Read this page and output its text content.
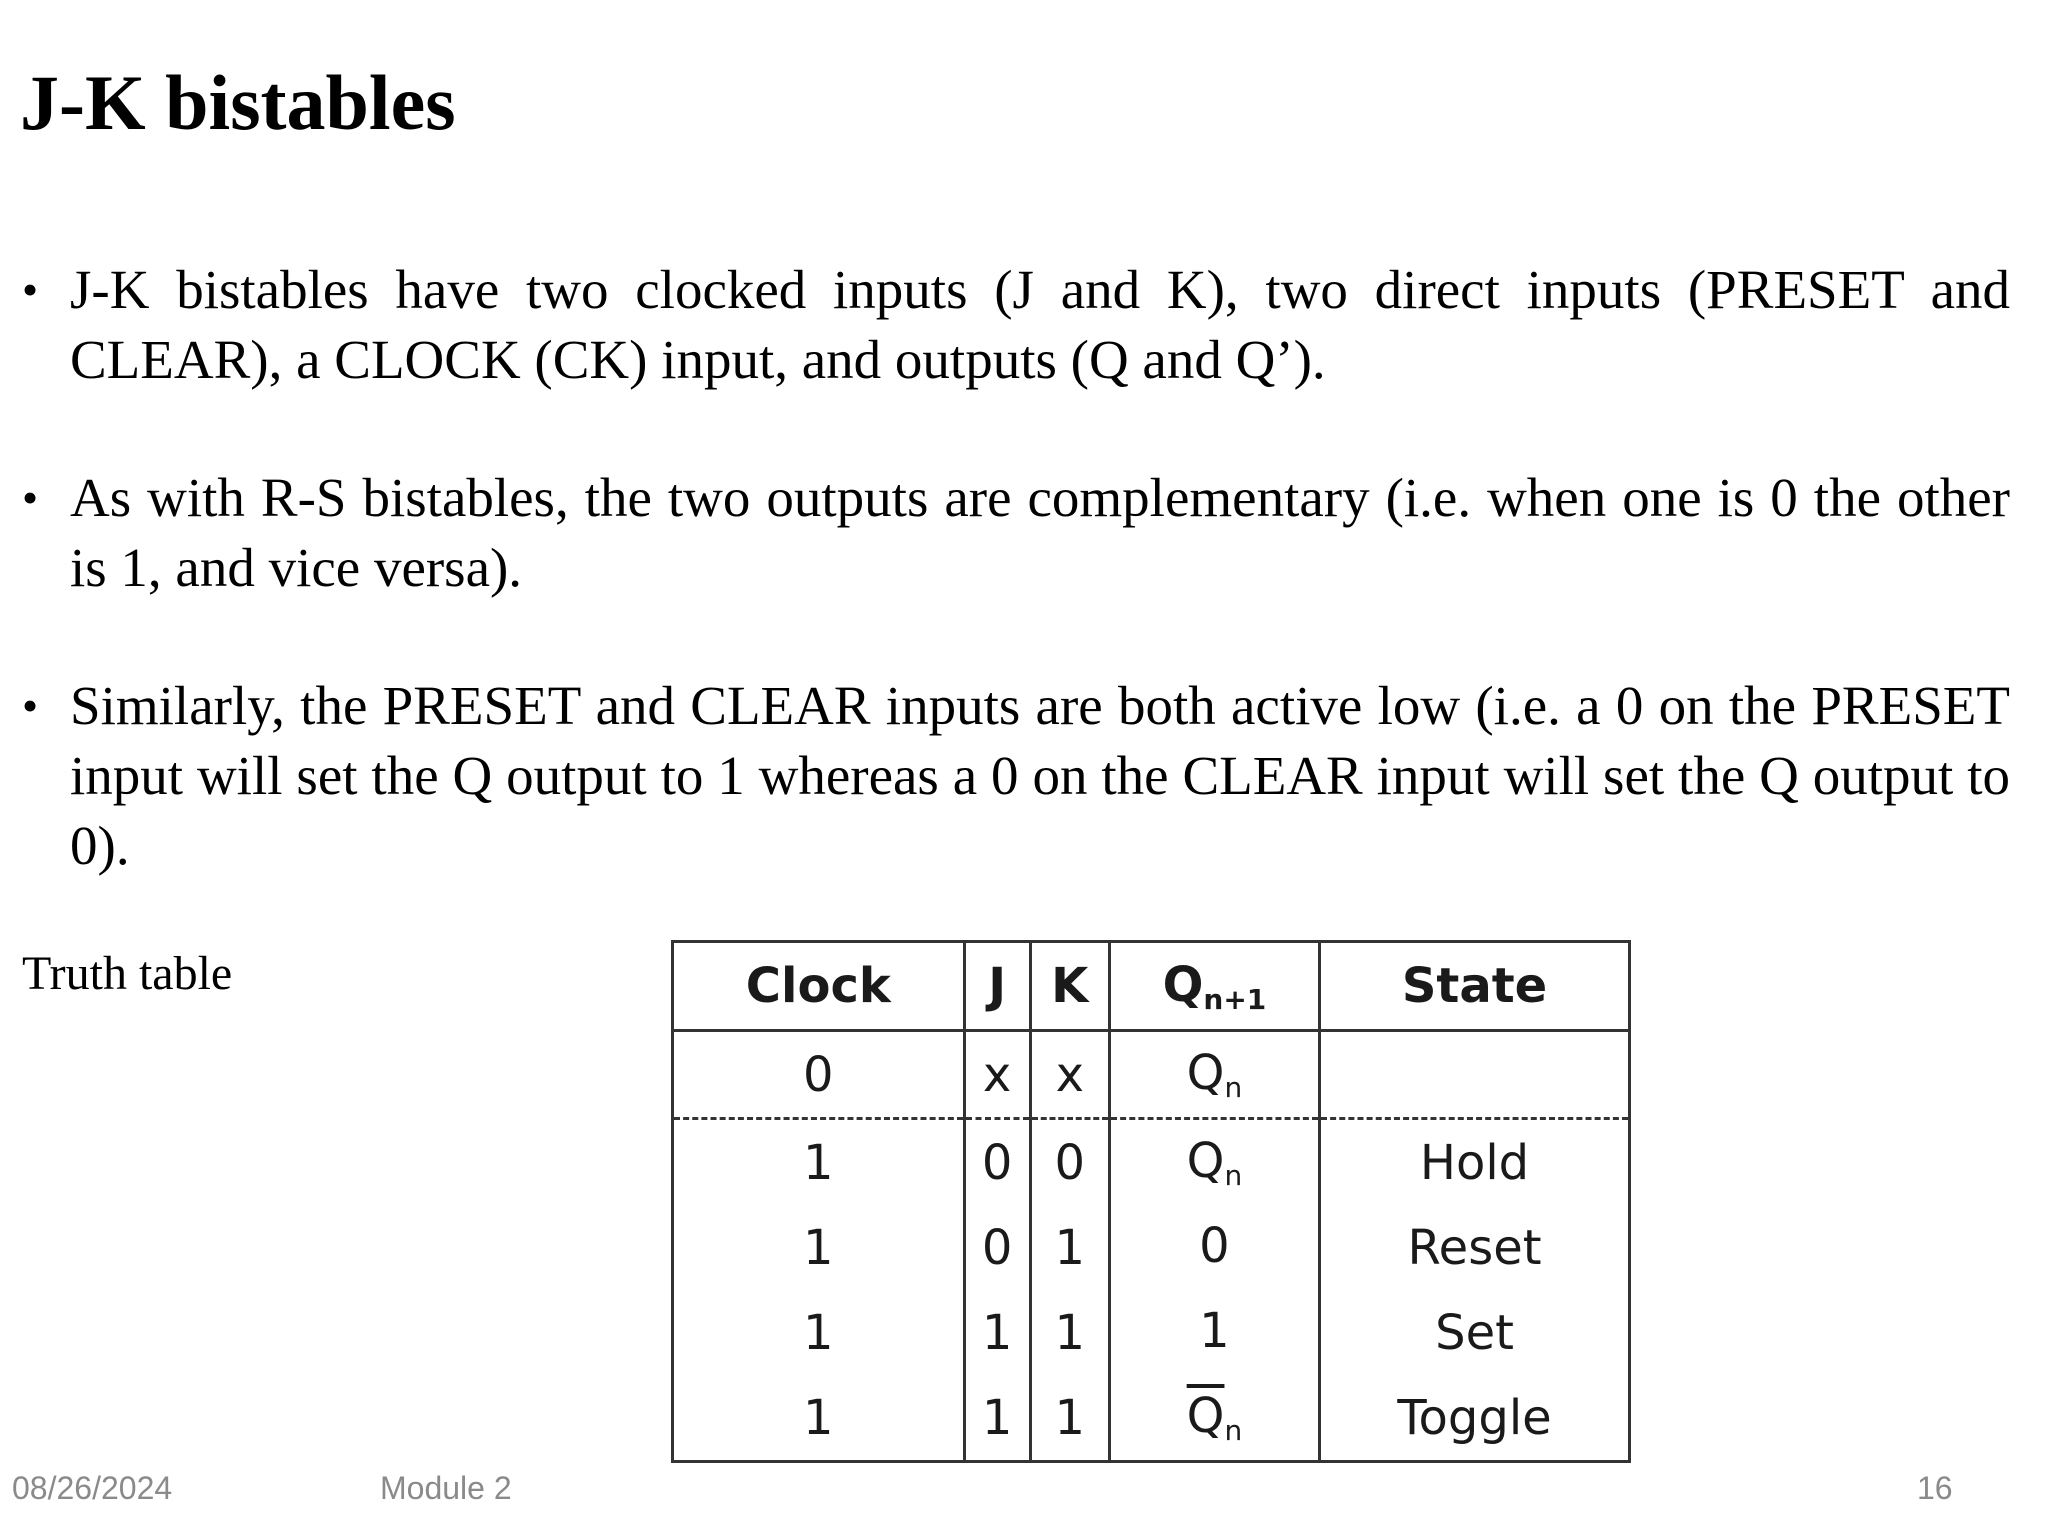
J-K bistables
• J-K bistables have two clocked inputs (J and K), two direct inputs (PRESET and CLEAR), a CLOCK (CK) input, and outputs (Q and Q’).
• As with R-S bistables, the two outputs are complementary (i.e. when one is 0 the other is 1, and vice versa).
• Similarly, the PRESET and CLEAR inputs are both active low (i.e. a 0 on the PRESET input will set the Q output to 1 whereas a 0 on the CLEAR input will set the Q output to 0).
Truth table	Clock	J	K	$Q_{n+1}$	State
0	x	x	$Q_n$	
1	0	0	$Q_n$	Hold
1	0	1	0	Reset
1	1	1	1	Set
1	1	1	$\overline{Q}_n$	Toggle
08/26/2024	Module 2	16
